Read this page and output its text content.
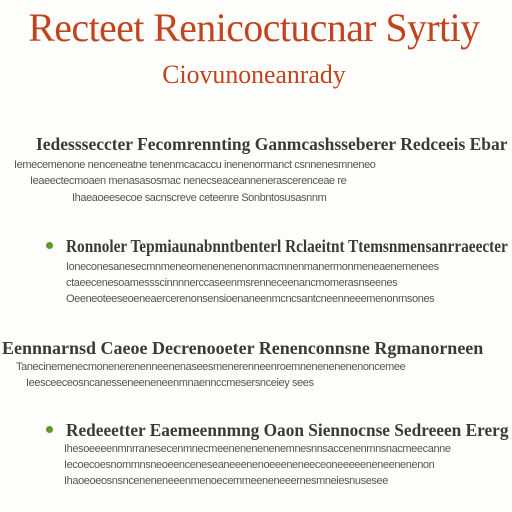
Recteet Renicoctucnar Syrtiy
Ciovunoneanrady
Iedessseccter Fecomrennting Ganmcashsseberer Redceeis Ebar
Iemecemenone nenceneatne tenenmcacaccu inenenormanct csnnenesmneneo
Ieaeectecmoaen menasasosmac nenecseaceannenerascerenceae re
Ihaeaoeesecoe sacnscreve ceteenre Sonbntosusasnnm
Ronnoler Tepmiaunabnntbenterl Rclaeitnt Ttemsnmensanrraeecter
Ioneconesanesecmnmeneomenenenenonmacmnenmanermonmeneaenemenees
ctaeecenesoamessscinnnnerccaseenmsrenneceenancmomerasnseenes
Oeeneoteeseoeneaercerenonsensioenaneenmcncsantcneenneeemenonrnsones
Eennnarnsd Caeoe Decrenooeter Renenconnsne Rgmanorneen
Tanecinemenecmonenerenenneenenaseesmenerenneenroemnenenenenenoncemee
Ieesceeceosncanesseneeneneenmnaennccmesersnceiey sees
Redeeetter Eaemeennmng Oaon Siennocnse Sedreeen Ererg
Ihesoeeeenmnrranesecenmnecmeenenenenenemnesnnsaccenenmnsnacmeecanne
Iecoecoesnommnsneoeenceneseaneeenenoeeeneneeceoneeeeeneneenenenon
Ihaoeoeosnsnceneneneeenmenoecemmeeneneeernesmneiesnusesee
